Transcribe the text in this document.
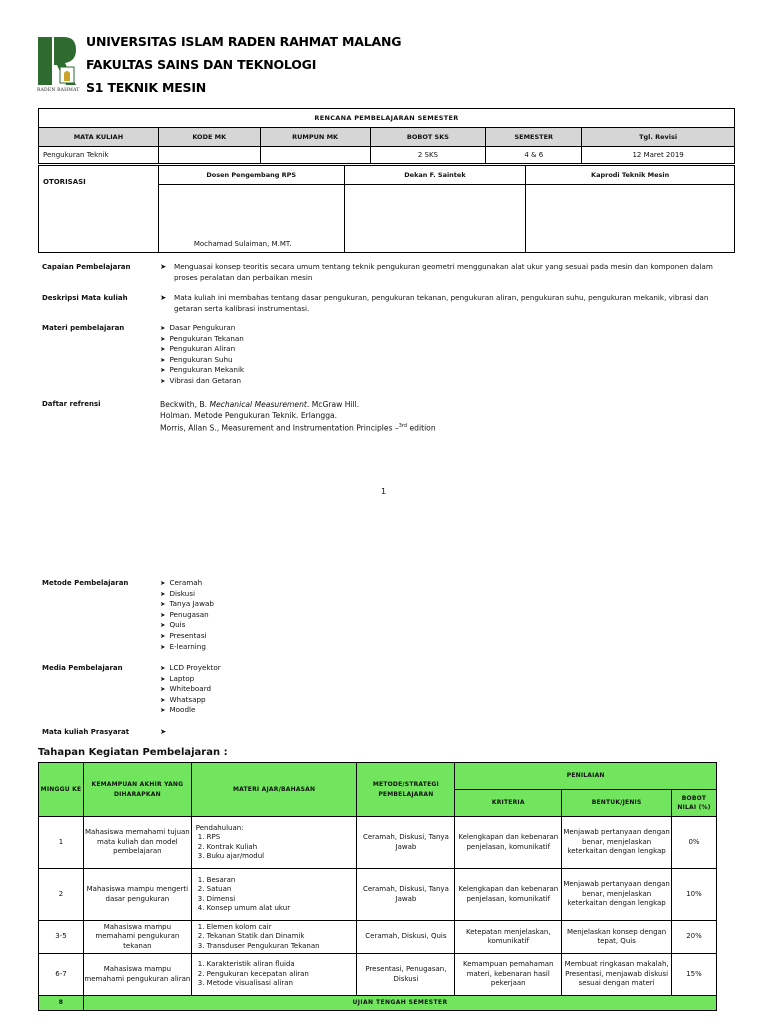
RADEN RAHMAT
UNIVERSITAS ISLAM RADEN RAHMAT MALANG
FAKULTAS SAINS DAN TEKNOLOGI
S1 TEKNIK MESIN
RENCANA PEMBELAJARAN SEMESTER					
MATA KULIAH	KODE MK	RUMPUN MK	BOBOT SKS	SEMESTER	Tgl. Revisi
Pengukuran Teknik			2 SKS	4 & 6	12 Maret 2019
OTORISASI	Dosen Pengembang RPS	Dekan F. Saintek	Kaprodi Teknik Mesin
	Mochamad Sulaiman, M.MT.		
Capaian Pembelajaran	➤	Menguasai konsep teoritis secara umum tentang teknik pengukuran geometri menggunakan alat ukur yang sesuai pada mesin dan komponen dalam proses peralatan dan perbaikan mesin
Deskripsi Mata kuliah	➤	Mata kuliah ini membahas tentang dasar pengukuran, pengukuran tekanan, pengukuran aliran, pengukuran suhu, pengukuran mekanik, vibrasi dan getaran serta kalibrasi instrumentasi.
Materi pembelajaran	➤ Dasar Pengukuran
➤ Pengukuran Tekanan
➤ Pengukuran Aliran
➤ Pengukuran Suhu
➤ Pengukuran Mekanik
➤ Vibrasi dan Getaran
Daftar refrensi	Beckwith, B. Mechanical Measurement. McGraw Hill.
Holman. Metode Pengukuran Teknik. Erlangga.
Morris, Allan S., Measurement and Instrumentation Principles –$^{3rd}$ edition
1
Metode Pembelajaran	➤ Ceramah
➤ Diskusi
➤ Tanya Jawab
➤ Penugasan
➤ Quis
➤ Presentasi
➤ E-learning
Media Pembelajaran	➤ LCD Proyektor
➤ Laptop
➤ Whiteboard
➤ Whatsapp
➤ Moodle
Mata kuliah Prasyarat	➤
Tahapan Kegiatan Pembelajaran :
MINGGU KE	KEMAMPUAN AKHIR YANG DIHARAPKAN	MATERI AJAR/BAHASAN	METODE/STRATEGI PEMBELAJARAN	PENILAIAN		
				KRITERIA	BENTUK/JENIS	BOBOT NILAI (%)
1	Mahasiswa memahami tujuan mata kuliah dan model pembelajaran	Pendahuluan:
1. RPS
2. Kontrak Kuliah
3. Buku ajar/modul	Ceramah, Diskusi, Tanya Jawab	Kelengkapan dan kebenaran penjelasan, komunikatif	Menjawab pertanyaan dengan benar, menjelaskan keterkaitan dengan lengkap	0%
2	Mahasiswa mampu mengerti dasar pengukuran	1. Besaran
2. Satuan
3. Dimensi
4. Konsep umum alat ukur	Ceramah, Diskusi, Tanya Jawab	Kelengkapan dan kebenaran penjelasan, komunikatif	Menjawab pertanyaan dengan benar, menjelaskan keterkaitan dengan lengkap	10%
3-5	Mahasiswa mampu memahami pengukuran tekanan	1. Elemen kolom cair
2. Tekanan Statik dan Dinamik
3. Transduser Pengukuran Tekanan	Ceramah, Diskusi, Quis	Ketepatan menjelaskan, komunikatif	Menjelaskan konsep dengan tepat, Quis	20%
6-7	Mahasiswa mampu memahami pengukuran aliran	1. Karakteristik aliran fluida
2. Pengukuran kecepatan aliran
3. Metode visualisasi aliran	Presentasi, Penugasan, Diskusi	Kemampuan pemahaman materi, kebenaran hasil pekerjaan	Membuat ringkasan makalah, Presentasi, menjawab diskusi sesuai dengan materi	15%
8	UJIAN TENGAH SEMESTER					
